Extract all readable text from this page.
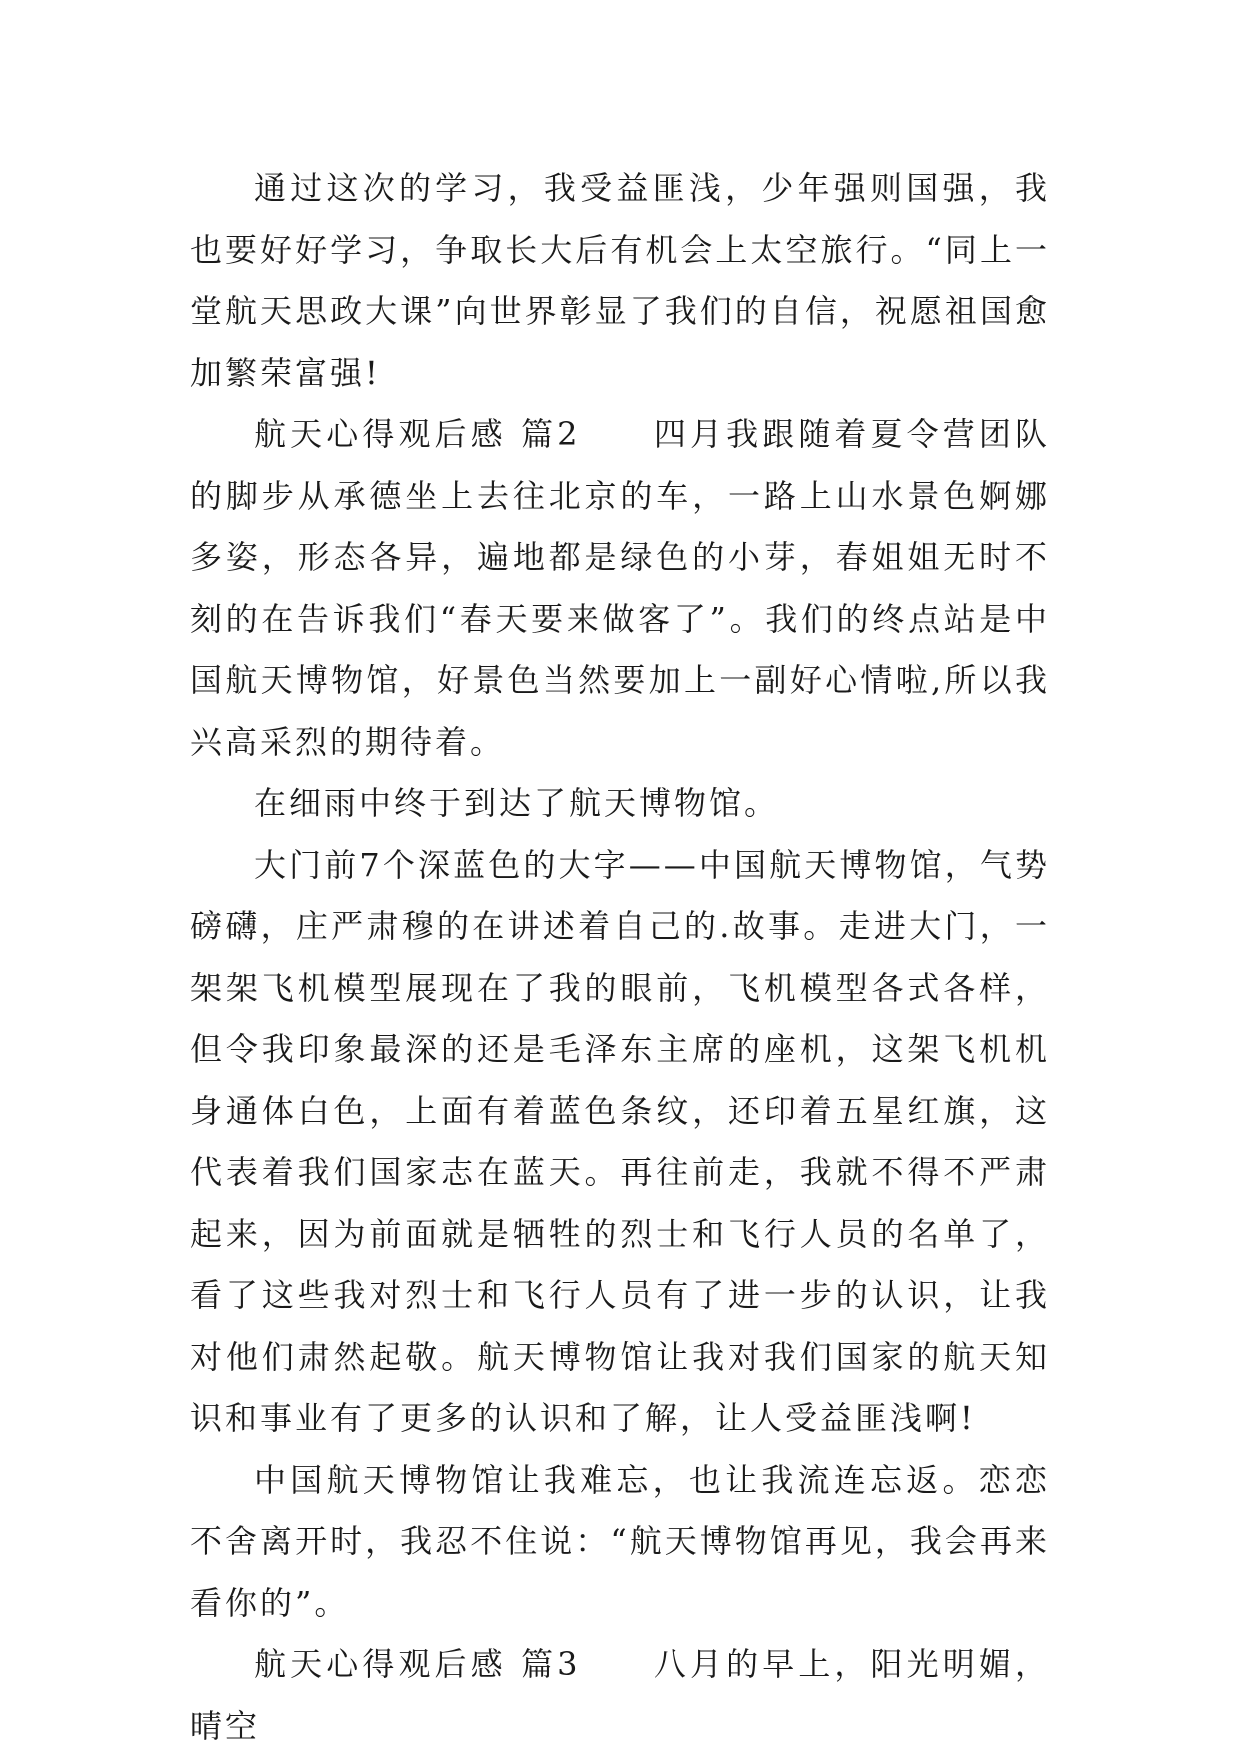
通过这次的学习，我受益匪浅，少年强则国强，我也要好好学习，争取长大后有机会上太空旅行。“同上一堂航天思政大课”向世界彰显了我们的自信，祝愿祖国愈加繁荣富强!

航天心得观后感 篇2　　四月我跟随着夏令营团队的脚步从承德坐上去往北京的车，一路上山水景色婀娜多姿，形态各异，遍地都是绿色的小芽，春姐姐无时不刻的在告诉我们“春天要来做客了”。我们的终点站是中国航天博物馆，好景色当然要加上一副好心情啦,所以我兴高采烈的期待着。

在细雨中终于到达了航天博物馆。

大门前7个深蓝色的大字——中国航天博物馆，气势磅礴，庄严肃穆的在讲述着自己的.故事。走进大门，一架架飞机模型展现在了我的眼前，飞机模型各式各样，但令我印象最深的还是毛泽东主席的座机，这架飞机机身通体白色，上面有着蓝色条纹，还印着五星红旗，这代表着我们国家志在蓝天。再往前走，我就不得不严肃起来，因为前面就是牺牲的烈士和飞行人员的名单了，看了这些我对烈士和飞行人员有了进一步的认识，让我对他们肃然起敬。航天博物馆让我对我们国家的航天知识和事业有了更多的认识和了解，让人受益匪浅啊!

中国航天博物馆让我难忘，也让我流连忘返。恋恋不舍离开时，我忍不住说：“航天博物馆再见，我会再来看你的”。

航天心得观后感 篇3　　八月的早上，阳光明媚，晴空
